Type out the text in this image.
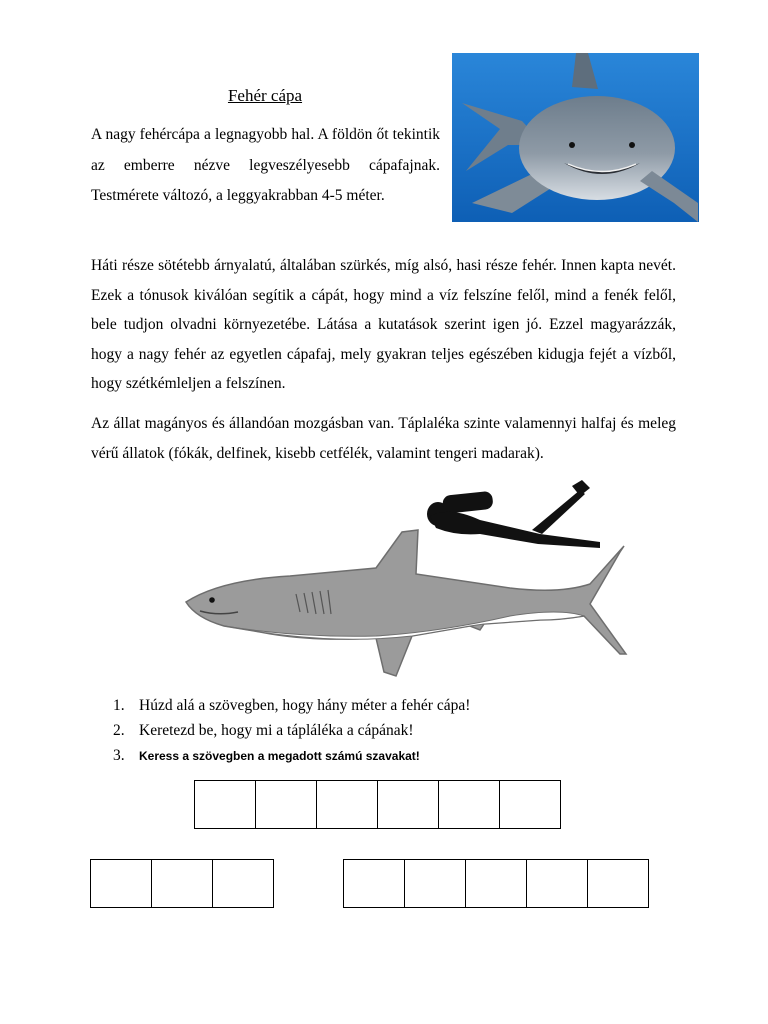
Fehér cápa

A nagy fehércápa a legnagyobb hal. A földön őt tekintik az emberre nézve legveszélyesebb cápafajnak. Testmérete változó, a leggyakrabban 4-5 méter.

Háti része sötétebb árnyalatú, általában szürkés, míg alsó, hasi része fehér. Innen kapta nevét. Ezek a tónusok kiválóan segítik a cápát, hogy mind a víz felszíne felől, mind a fenék felől, bele tudjon olvadni környezetébe. Látása a kutatások szerint igen jó. Ezzel magyarázzák, hogy a nagy fehér az egyetlen cápafaj, mely gyakran teljes egészében kidugja fejét a vízből, hogy szétkémleljen a felszínen.

Az állat magányos és állandóan mozgásban van. Táplaléka szinte valamennyi halfaj és meleg vérű állatok (fókák, delfinek, kisebb cetfélék, valamint tengeri madarak).

1. Húzd alá a szövegben, hogy hány méter a fehér cápa!
2. Keretezd be, hogy mi a tápláléka a cápának!
3.	Keress a szövegben a megadott számú szavakat!
